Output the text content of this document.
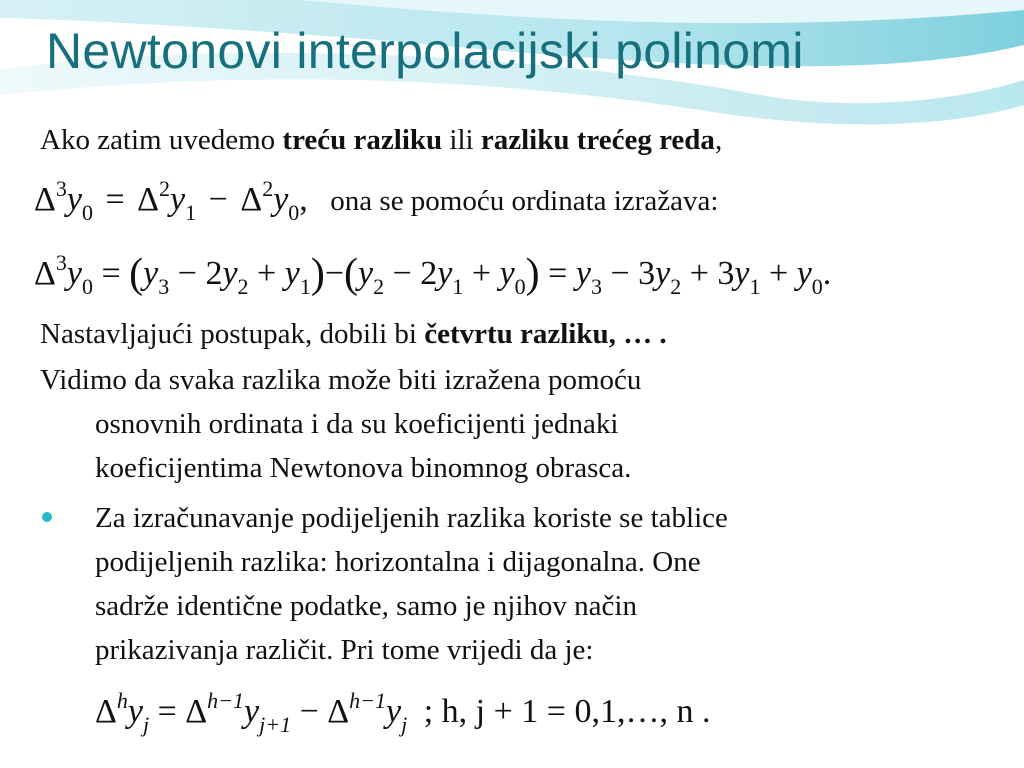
Newtonovi interpolacijski polinomi
Ako zatim uvedemo treću razliku ili razliku trećeg reda,
$\Delta^3y_0 = \Delta^2y_1 - \Delta^2y_0$, ona se pomoću ordinata izražava:
$\Delta^3y_0 = (y_3 - 2y_2 + y_1)-(y_2 - 2y_1 + y_0) = y_3 - 3y_2 + 3y_1 + y_0$.
Nastavljajući postupak, dobili bi četvrtu razliku, … .
Vidimo da svaka razlika može biti izražena pomoću
osnovnih ordinata i da su koeficijenti jednaki
koeficijentima Newtonova binomnog obrasca.
Za izračunavanje podijeljenih razlika koriste se tablice
podijeljenih razlika: horizontalna i dijagonalna. One
sadrže identične podatke, samo je njihov način
prikazivanja različit. Pri tome vrijedi da je:
$\Delta^hy_j = \Delta^{h-1}y_{j+1} - \Delta^{h-1}y_j$ ; h, j + 1 = 0,1,…, n .
